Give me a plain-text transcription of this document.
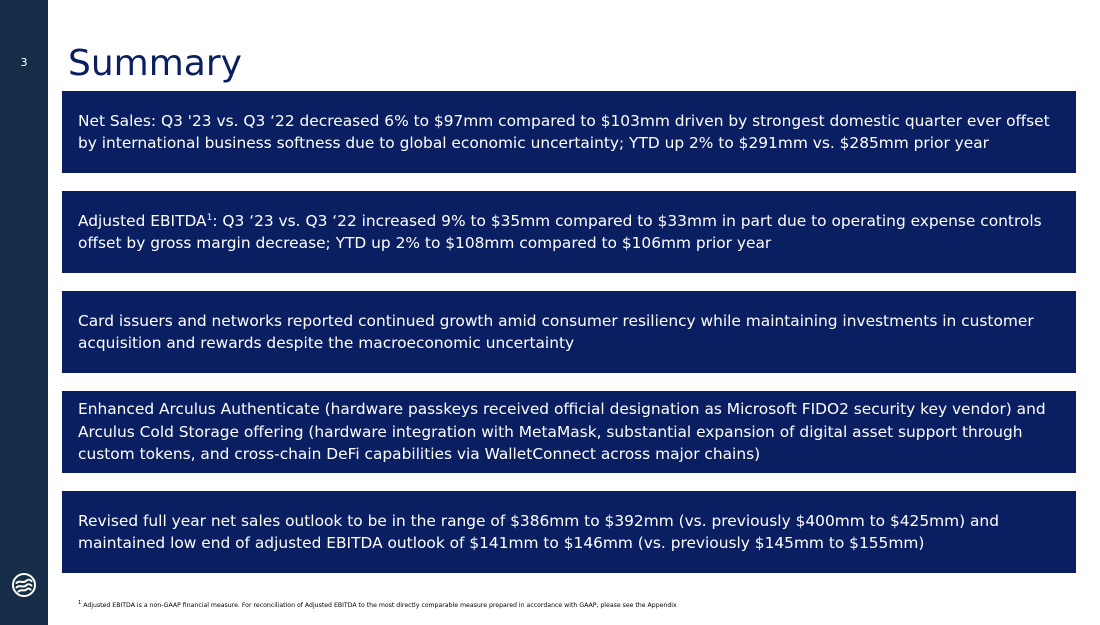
3	Summary

Net Sales: Q3 '23 vs. Q3 ‘22 decreased 6% to $97mm compared to $103mm driven by strongest domestic quarter ever offset by international business softness due to global economic uncertainty; YTD up 2% to $291mm vs. $285mm prior year

Adjusted EBITDA$^1$: Q3 ‘23 vs. Q3 ‘22 increased 9% to $35mm compared to $33mm in part due to operating expense controls offset by gross margin decrease; YTD up 2% to $108mm compared to $106mm prior year

Card issuers and networks reported continued growth amid consumer resiliency while maintaining investments in customer acquisition and rewards despite the macroeconomic uncertainty

Enhanced Arculus Authenticate (hardware passkeys received official designation as Microsoft FIDO2 security key vendor) and Arculus Cold Storage offering (hardware integration with MetaMask, substantial expansion of digital asset support through custom tokens, and cross-chain DeFi capabilities via WalletConnect across major chains)

Revised full year net sales outlook to be in the range of $386mm to $392mm (vs. previously $400mm to $425mm) and maintained low end of adjusted EBITDA outlook of $141mm to $146mm (vs. previously $145mm to $155mm)

$^1$ Adjusted EBITDA is a non-GAAP financial measure. For reconciliation of Adjusted EBITDA to the most directly comparable measure prepared in accordance with GAAP, please see the Appendix
